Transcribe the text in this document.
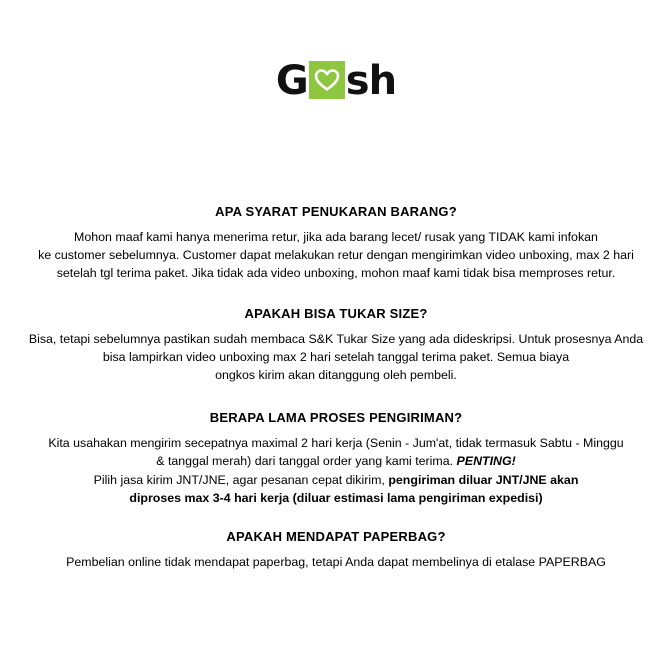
G sh
APA SYARAT PENUKARAN BARANG?

Mohon maaf kami hanya menerima retur, jika ada barang lecet/ rusak yang TIDAK kami infokan

ke customer sebelumnya. Customer dapat melakukan retur dengan mengirimkan video unboxing, max 2 hari

setelah tgl terima paket. Jika tidak ada video unboxing, mohon maaf kami tidak bisa memproses retur.

APAKAH BISA TUKAR SIZE?

Bisa, tetapi sebelumnya pastikan sudah membaca S&K Tukar Size yang ada dideskripsi. Untuk prosesnya Anda

bisa lampirkan video unboxing max 2 hari setelah tanggal terima paket. Semua biaya

ongkos kirim akan ditanggung oleh pembeli.

BERAPA LAMA PROSES PENGIRIMAN?

Kita usahakan mengirim secepatnya maximal 2 hari kerja (Senin - Jum'at, tidak termasuk Sabtu - Minggu

& tanggal merah) dari tanggal order yang kami terima. PENTING!

Pilih jasa kirim JNT/JNE, agar pesanan cepat dikirim, pengiriman diluar JNT/JNE akan

diproses max 3-4 hari kerja (diluar estimasi lama pengiriman expedisi)

APAKAH MENDAPAT PAPERBAG?

Pembelian online tidak mendapat paperbag, tetapi Anda dapat membelinya di etalase PAPERBAG
